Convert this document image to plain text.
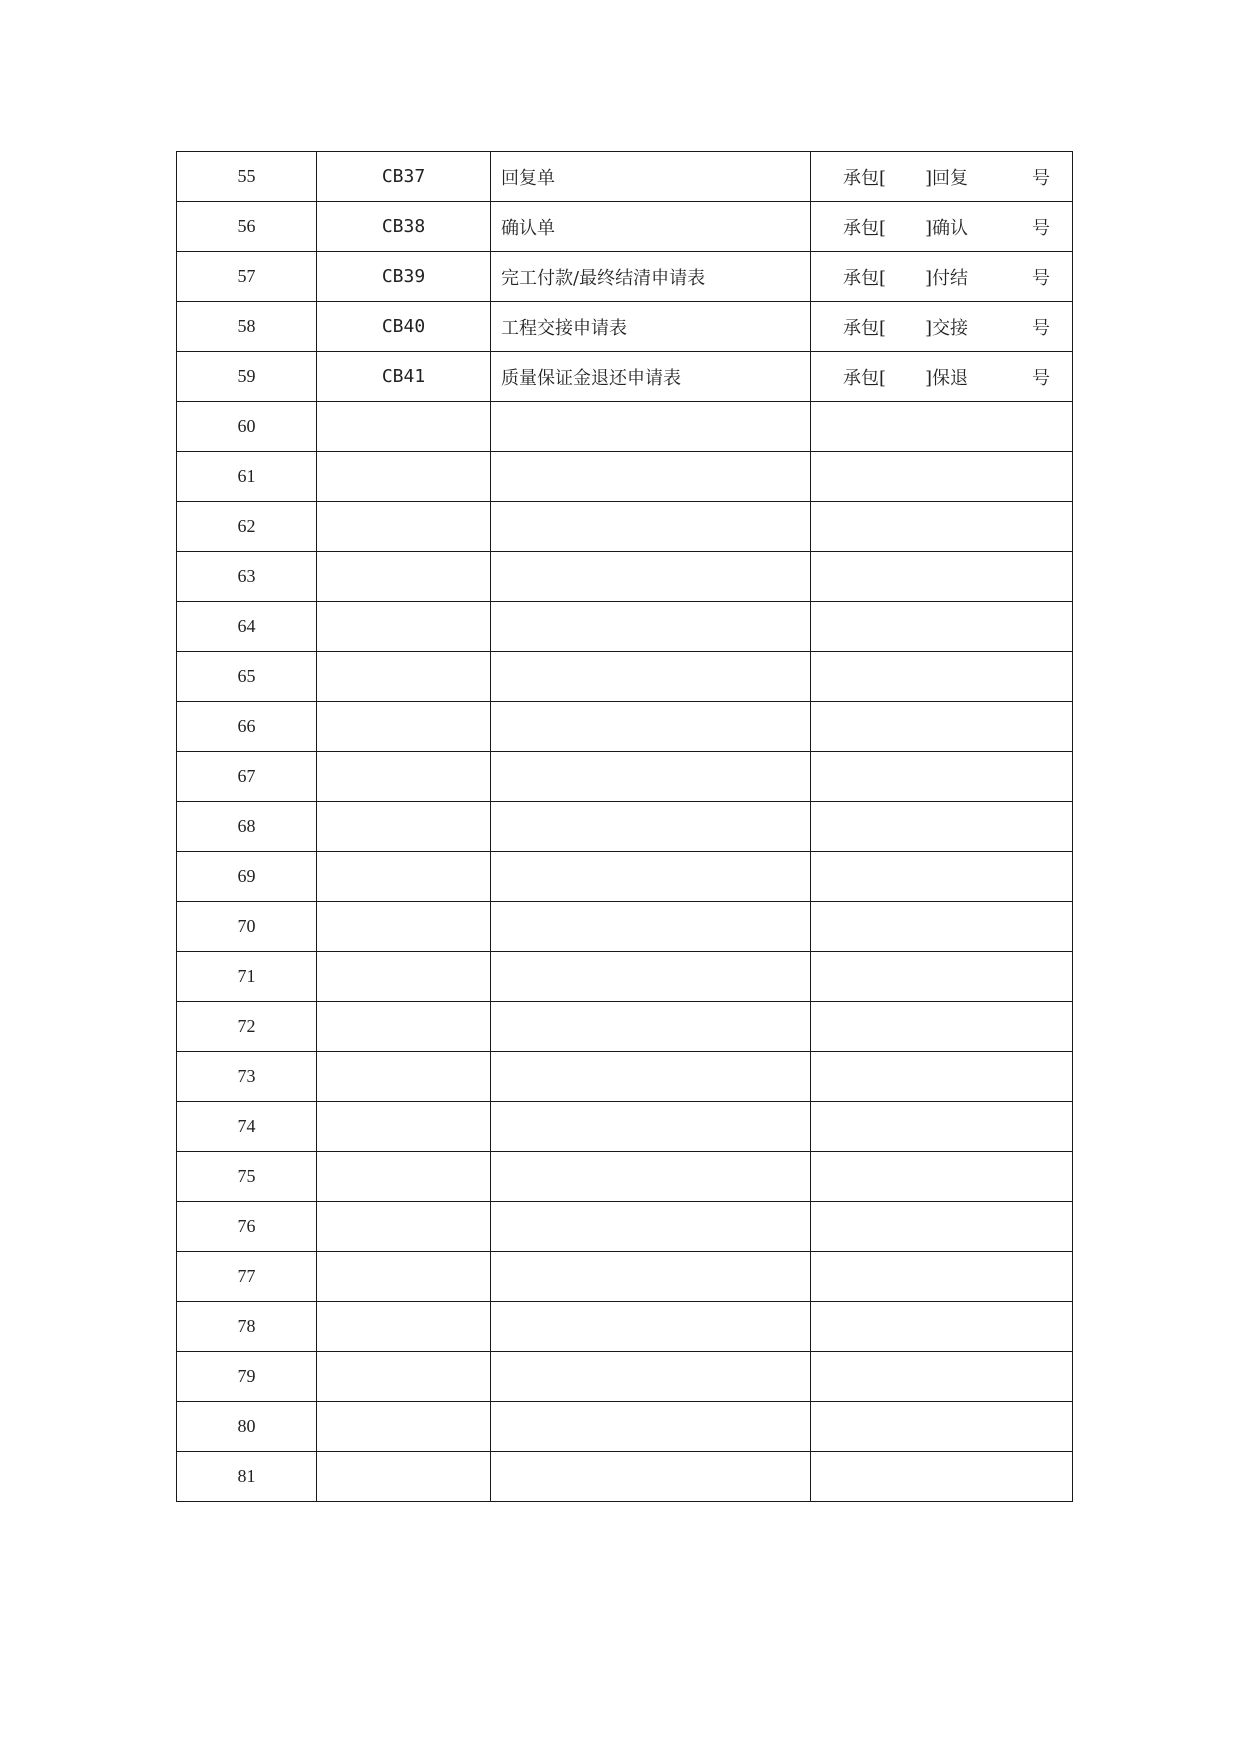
55	CB37	回复单	承包[ ]回复 号

56	CB38	确认单	承包[ ]确认 号

57	CB39	完工付款/最终结清申请表	承包[ ]付结 号

58	CB40	工程交接申请表	承包[ ]交接 号

59	CB41	质量保证金退还申请表	承包[ ]保退 号

60			
61			
62			
63			
64			
65			
66			
67			
68			
69			
70			
71			
72			
73			
74			
75			
76			
77			
78			
79			
80			
81			
